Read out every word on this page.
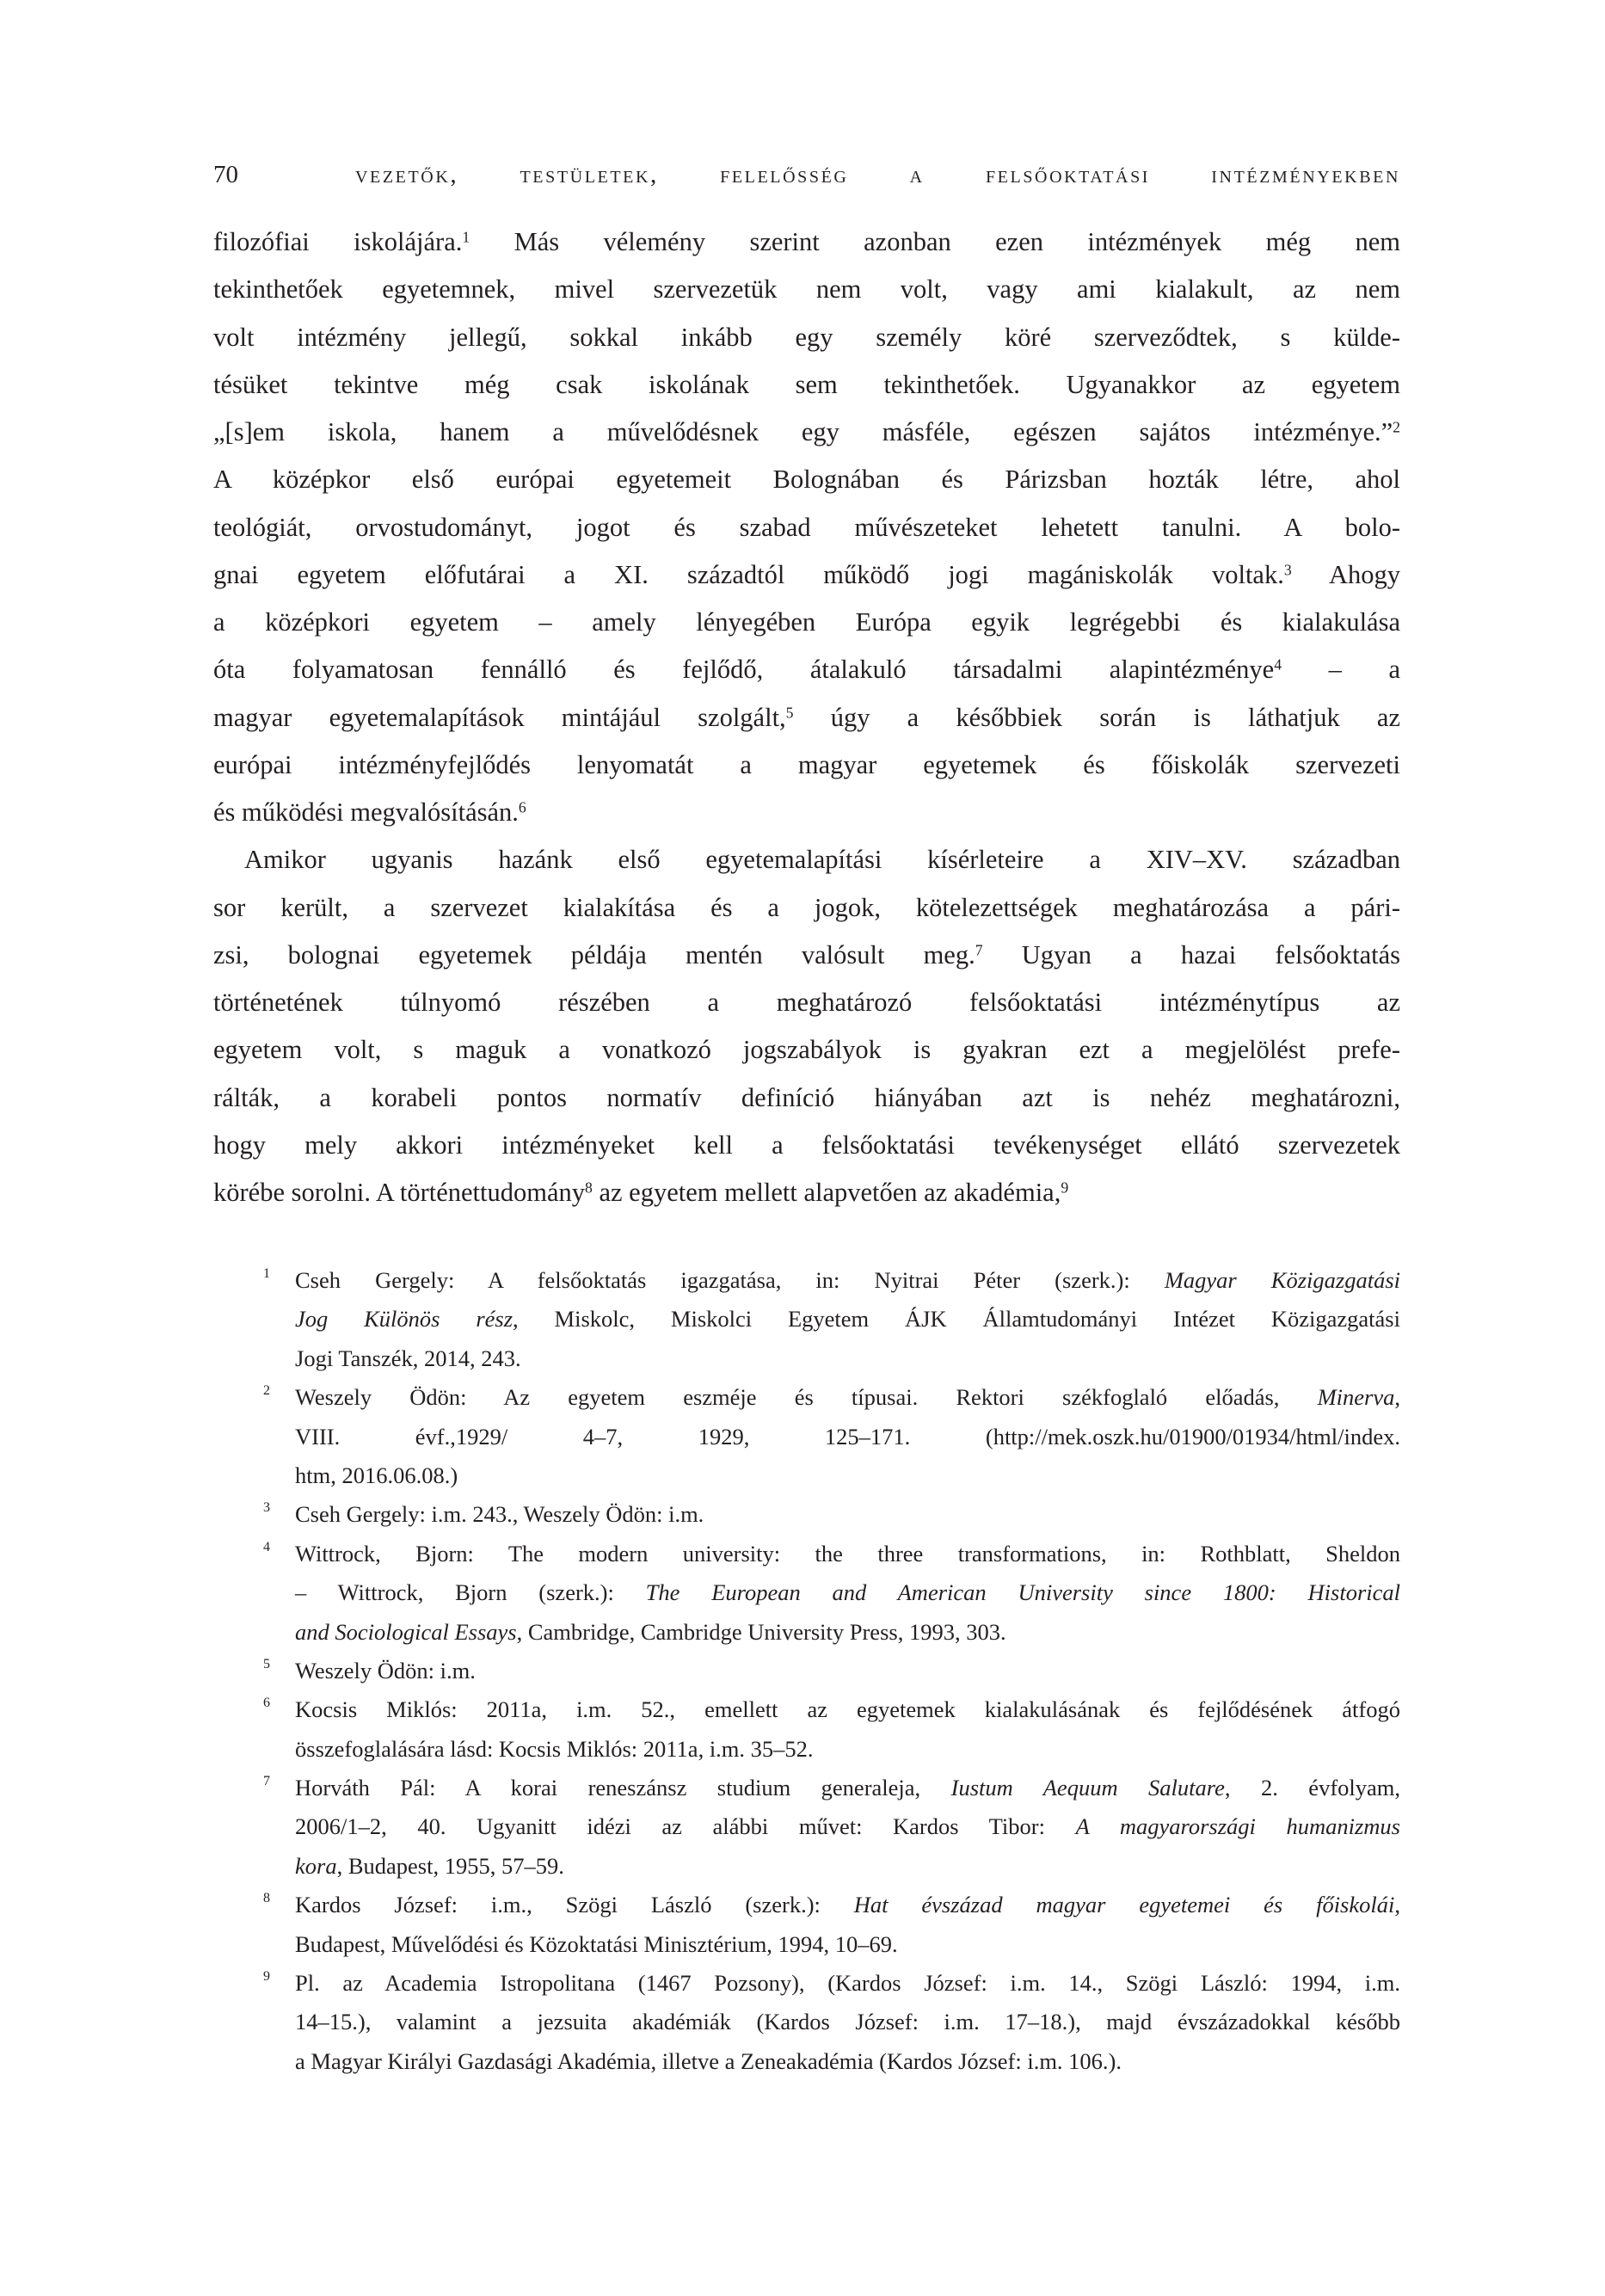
70	vezetők, testületek, felelősség a felsőoktatási intézményekben
filozófiai iskolájára.$^1$ Más vélemény szerint azonban ezen intézmények még nem
tekinthetőek egyetemnek, mivel szervezetük nem volt, vagy ami kialakult, az nem
volt intézmény jellegű, sokkal inkább egy személy köré szerveződtek, s külde-
tésüket tekintve még csak iskolának sem tekinthetőek. Ugyanakkor az egyetem
„[s]em iskola, hanem a művelődésnek egy másféle, egészen sajátos intézménye.”$^2$
A középkor első európai egyetemeit Bolognában és Párizsban hozták létre, ahol
teológiát, orvostudományt, jogot és szabad művészeteket lehetett tanulni. A bolo-
gnai egyetem előfutárai a XI. századtól működő jogi magániskolák voltak.$^3$ Ahogy
a középkori egyetem – amely lényegében Európa egyik legrégebbi és kialakulása
óta folyamatosan fennálló és fejlődő, átalakuló társadalmi alapintézménye$^4$ – a
magyar egyetemalapítások mintájául szolgált,$^5$ úgy a későbbiek során is láthatjuk az
európai intézményfejlődés lenyomatát a magyar egyetemek és főiskolák szervezeti
és működési megvalósításán.$^6$
Amikor ugyanis hazánk első egyetemalapítási kísérleteire a XIV–XV. században
sor került, a szervezet kialakítása és a jogok, kötelezettségek meghatározása a pári-
zsi, bolognai egyetemek példája mentén valósult meg.$^7$ Ugyan a hazai felsőoktatás
történetének túlnyomó részében a meghatározó felsőoktatási intézménytípus az
egyetem volt, s maguk a vonatkozó jogszabályok is gyakran ezt a megjelölést prefe-
rálták, a korabeli pontos normatív definíció hiányában azt is nehéz meghatározni,
hogy mely akkori intézményeket kell a felsőoktatási tevékenységet ellátó szervezetek
körébe sorolni. A történettudomány$^8$ az egyetem mellett alapvetően az akadémia,$^9$
1 Cseh Gergely: A felsőoktatás igazgatása, in: Nyitrai Péter (szerk.): Magyar Közigazgatási
Jog Különös rész, Miskolc, Miskolci Egyetem ÁJK Államtudományi Intézet Közigazgatási
Jogi Tanszék, 2014, 243.
2 Weszely Ödön: Az egyetem eszméje és típusai. Rektori székfoglaló előadás, Minerva,
VIII. évf.,1929/ 4–7, 1929, 125–171. (http://mek.oszk.hu/01900/01934/html/index.
htm, 2016.06.08.)
3 Cseh Gergely: i.m. 243., Weszely Ödön: i.m.
4 Wittrock, Bjorn: The modern university: the three transformations, in: Rothblatt, Sheldon
– Wittrock, Bjorn (szerk.): The European and American University since 1800: Historical
and Sociological Essays, Cambridge, Cambridge University Press, 1993, 303.
5 Weszely Ödön: i.m.
6 Kocsis Miklós: 2011a, i.m. 52., emellett az egyetemek kialakulásának és fejlődésének átfogó
összefoglalására lásd: Kocsis Miklós: 2011a, i.m. 35–52.
7 Horváth Pál: A korai reneszánsz studium generaleja, Iustum Aequum Salutare, 2. évfolyam,
2006/1–2, 40. Ugyanitt idézi az alábbi művet: Kardos Tibor: A magyarországi humanizmus
kora, Budapest, 1955, 57–59.
8 Kardos József: i.m., Szögi László (szerk.): Hat évszázad magyar egyetemei és főiskolái,
Budapest, Művelődési és Közoktatási Minisztérium, 1994, 10–69.
9 Pl. az Academia Istropolitana (1467 Pozsony), (Kardos József: i.m. 14., Szögi László: 1994, i.m.
14–15.), valamint a jezsuita akadémiák (Kardos József: i.m. 17–18.), majd évszázadokkal később
a Magyar Királyi Gazdasági Akadémia, illetve a Zeneakadémia (Kardos József: i.m. 106.).
